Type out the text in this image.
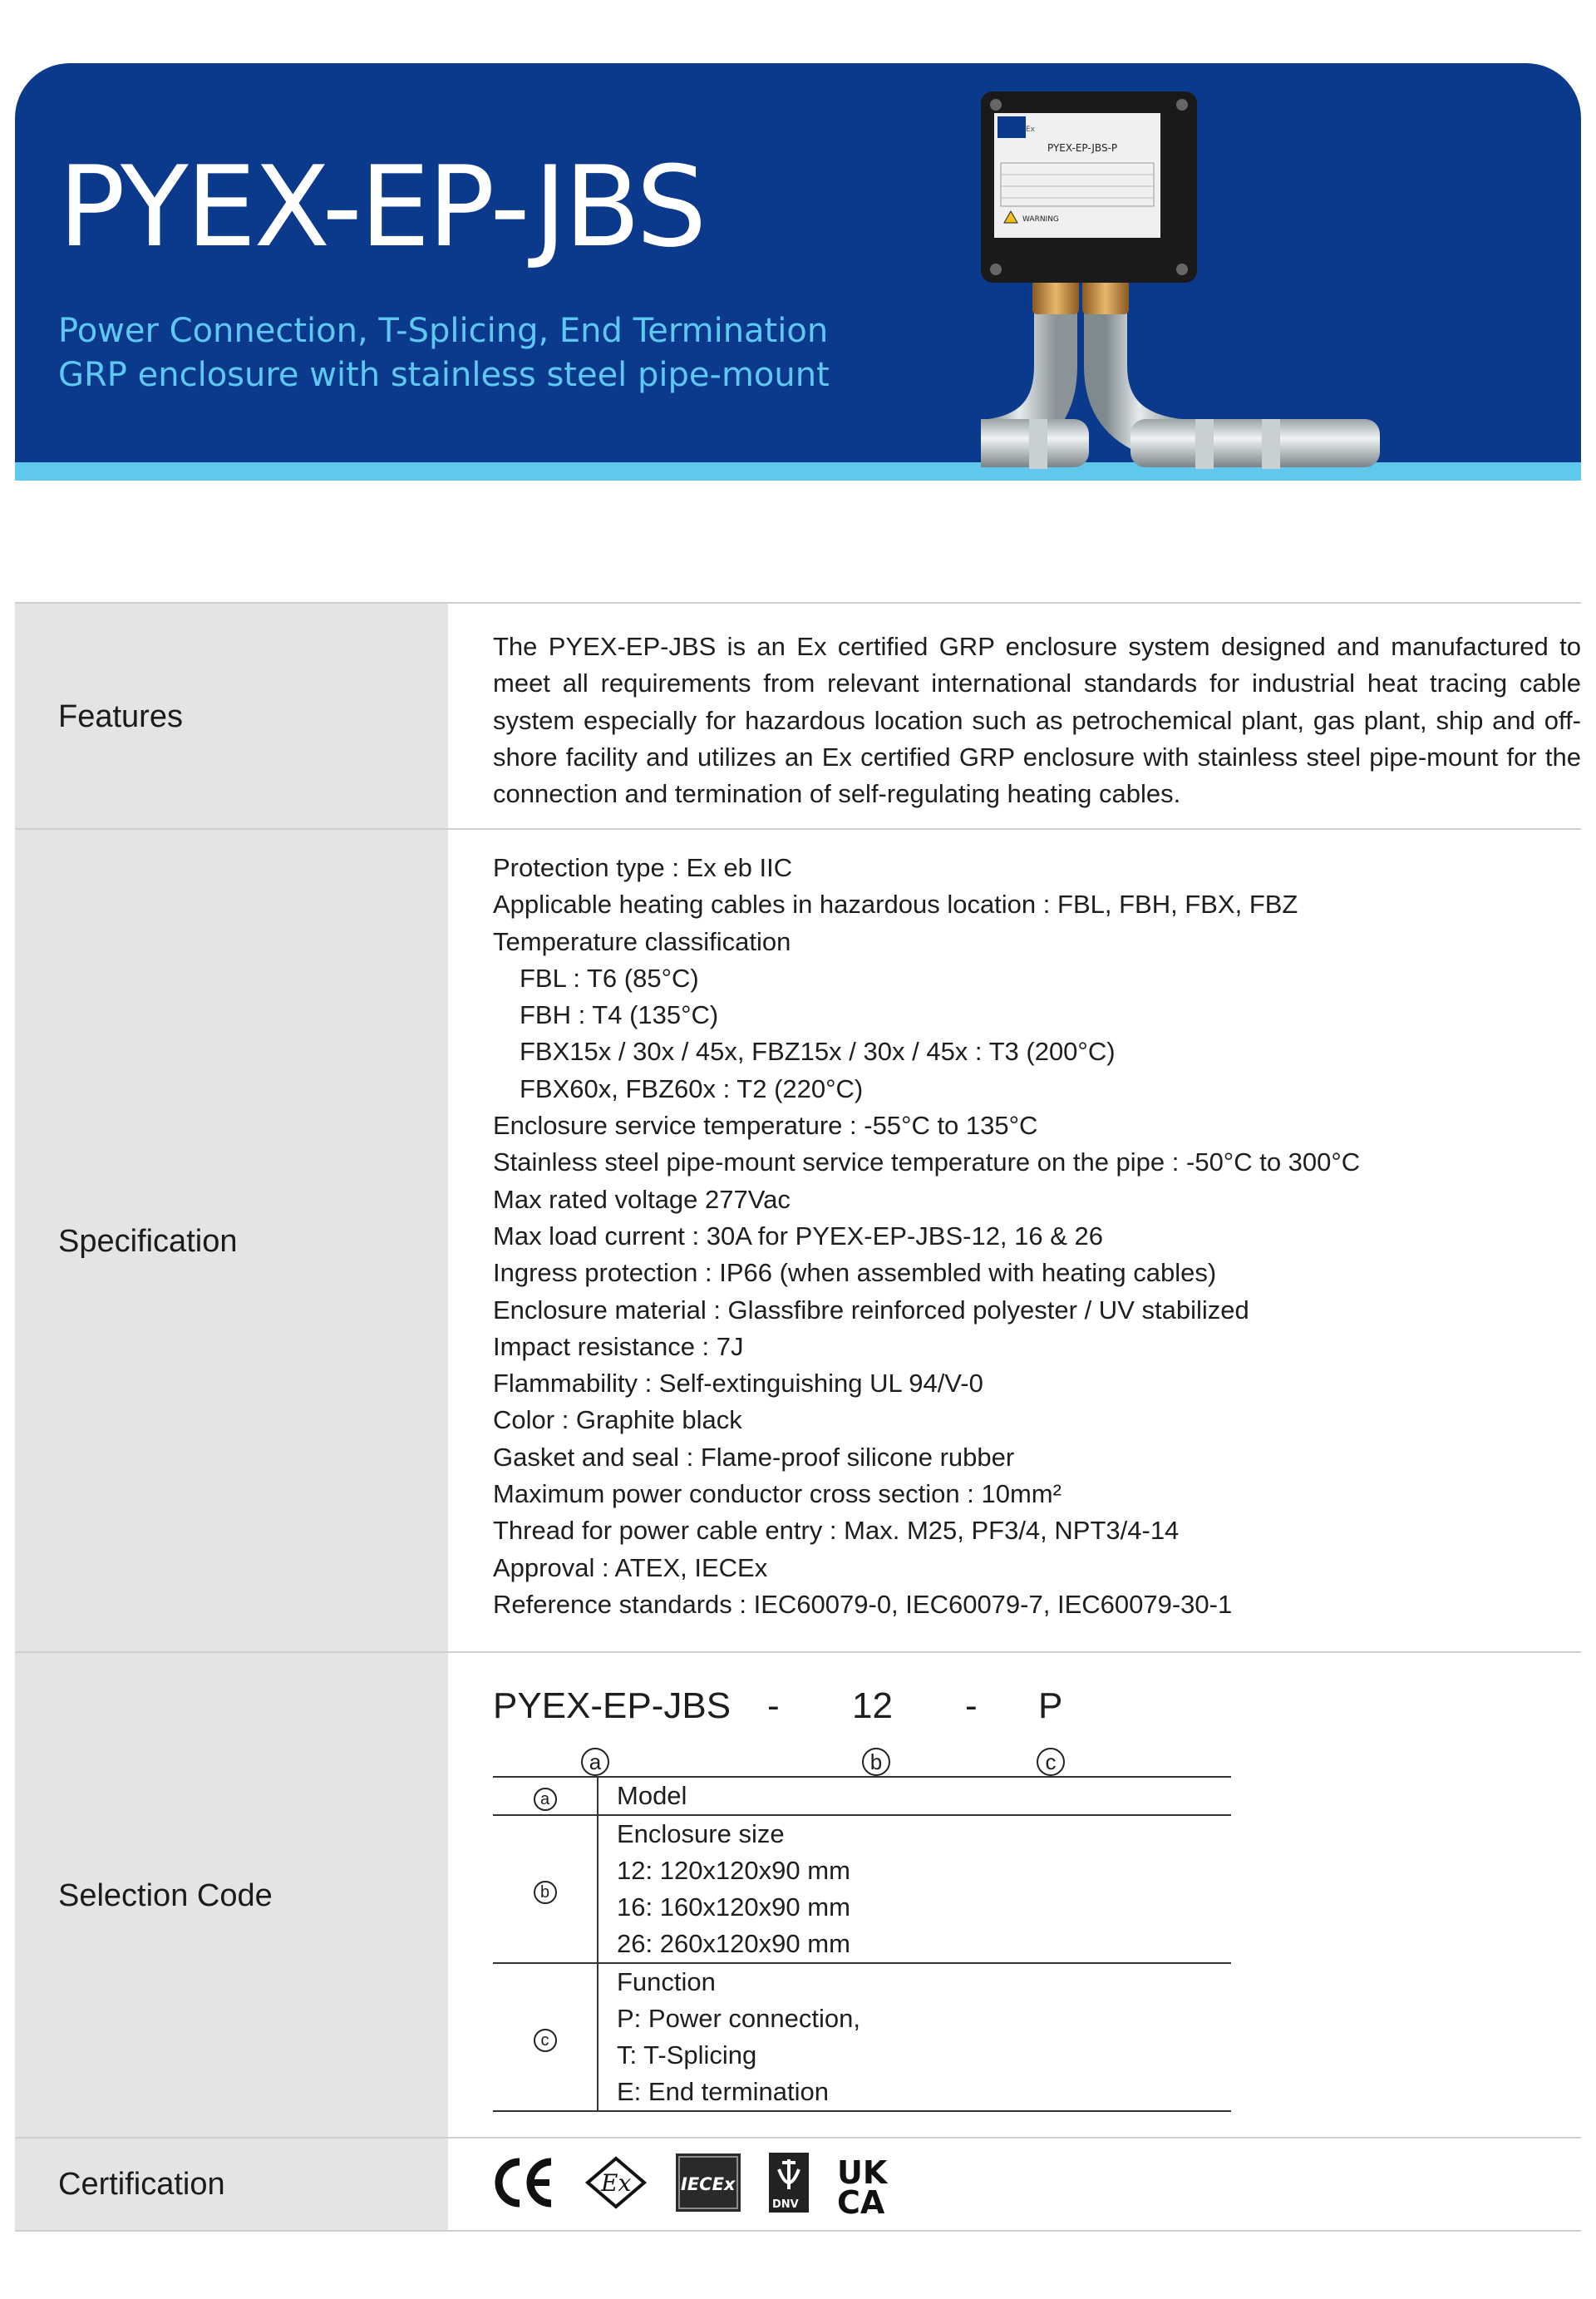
PYEX-EP-JBS
Power Connection, T-Splicing, End Termination
GRP enclosure with stainless steel pipe-mount
PYEX-EP-JBS-P
WARNING
Ex
Features
The PYEX-EP-JBS is an Ex certified GRP enclosure system designed and manufactured to meet all requirements from relevant international standards for industrial heat tracing cable system especially for hazardous location such as petrochemical plant, gas plant, ship and off-shore facility and utilizes an Ex certified GRP enclosure with stainless steel pipe-mount for the connection and termination of self-regulating heating cables.
Specification
Protection type : Ex eb IIC
Applicable heating cables in hazardous location : FBL, FBH, FBX, FBZ
Temperature classification
FBL : T6 (85°C)
FBH : T4 (135°C)
FBX15x / 30x / 45x, FBZ15x / 30x / 45x : T3 (200°C)
FBX60x, FBZ60x : T2 (220°C)
Enclosure service temperature : -55°C to 135°C
Stainless steel pipe-mount service temperature on the pipe : -50°C to 300°C
Max rated voltage 277Vac
Max load current : 30A for PYEX-EP-JBS-12, 16 & 26
Ingress protection : IP66 (when assembled with heating cables)
Enclosure material : Glassfibre reinforced polyester / UV stabilized
Impact resistance : 7J
Flammability : Self-extinguishing UL 94/V-0
Color : Graphite black
Gasket and seal : Flame-proof silicone rubber
Maximum power conductor cross section : 10mm²
Thread for power cable entry : Max. M25, PF3/4, NPT3/4-14
Approval : ATEX, IECEx
Reference standards : IEC60079-0, IEC60079-7, IEC60079-30-1
Selection Code
PYEX-EP-JBS - 12 - P
a	b	c
a	Model
b	Enclosure size
	12: 120x120x90 mm
	16: 160x120x90 mm
	26: 260x120x90 mm
c	Function
	P: Power connection,
	T: T-Splicing
	E: End termination
Certification	Ex	IECEx
DNV
UK CA
